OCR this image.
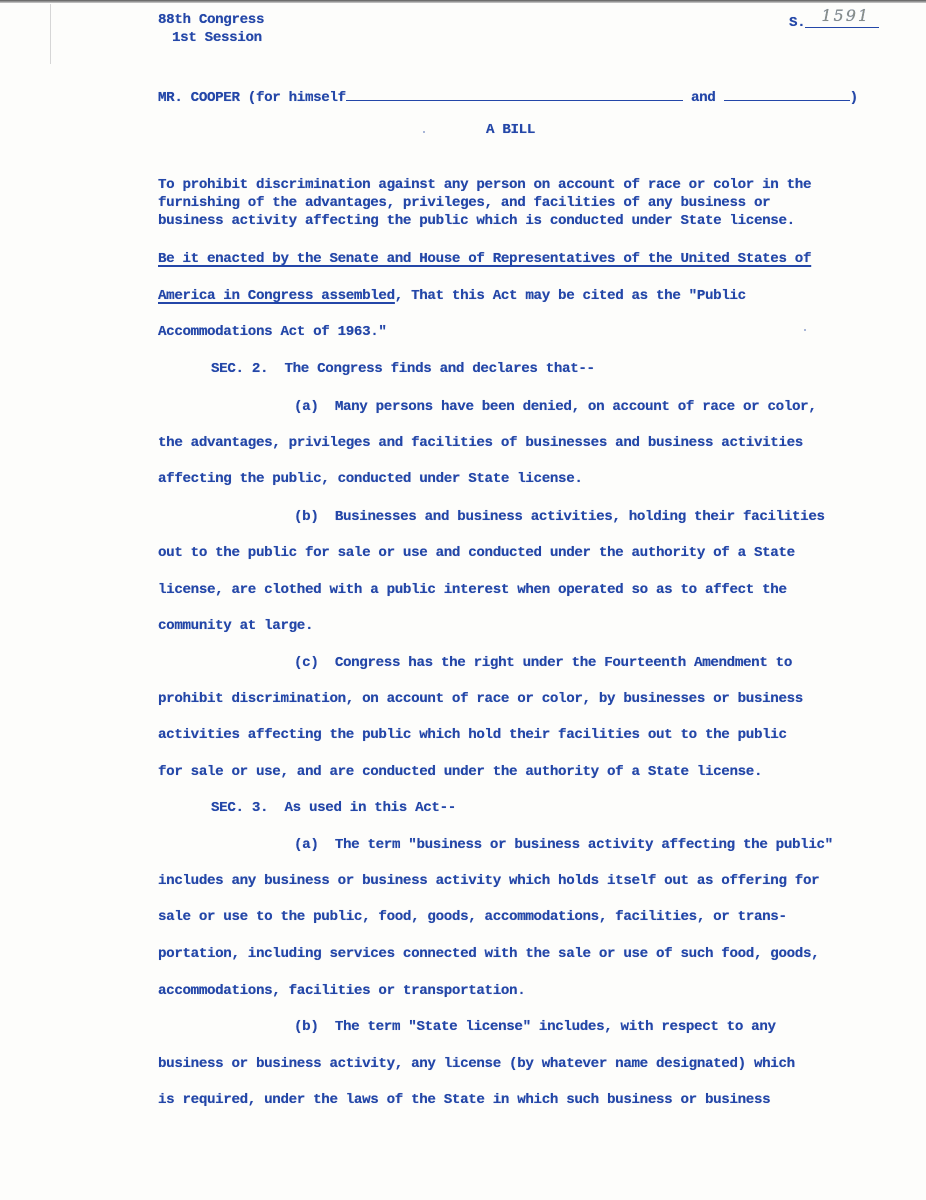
88th Congress
1st Session
S. 1591
MR. COOPER (for himself	and	)
A BILL
To prohibit discrimination against any person on account of race or color in the
furnishing of the advantages, privileges, and facilities of any business or
business activity affecting the public which is conducted under State license.
Be it enacted by the Senate and House of Representatives of the United States of
America in Congress assembled, That this Act may be cited as the "Public
Accommodations Act of 1963."
SEC. 2.  The Congress finds and declares that--
(a)  Many persons have been denied, on account of race or color,
the advantages, privileges and facilities of businesses and business activities
affecting the public, conducted under State license.
(b)  Businesses and business activities, holding their facilities
out to the public for sale or use and conducted under the authority of a State
license, are clothed with a public interest when operated so as to affect the
community at large.
(c)  Congress has the right under the Fourteenth Amendment to
prohibit discrimination, on account of race or color, by businesses or business
activities affecting the public which hold their facilities out to the public
for sale or use, and are conducted under the authority of a State license.
SEC. 3.  As used in this Act--
(a)  The term "business or business activity affecting the public"
includes any business or business activity which holds itself out as offering for
sale or use to the public, food, goods, accommodations, facilities, or trans-
portation, including services connected with the sale or use of such food, goods,
accommodations, facilities or transportation.
(b)  The term "State license" includes, with respect to any
business or business activity, any license (by whatever name designated) which
is required, under the laws of the State in which such business or business
